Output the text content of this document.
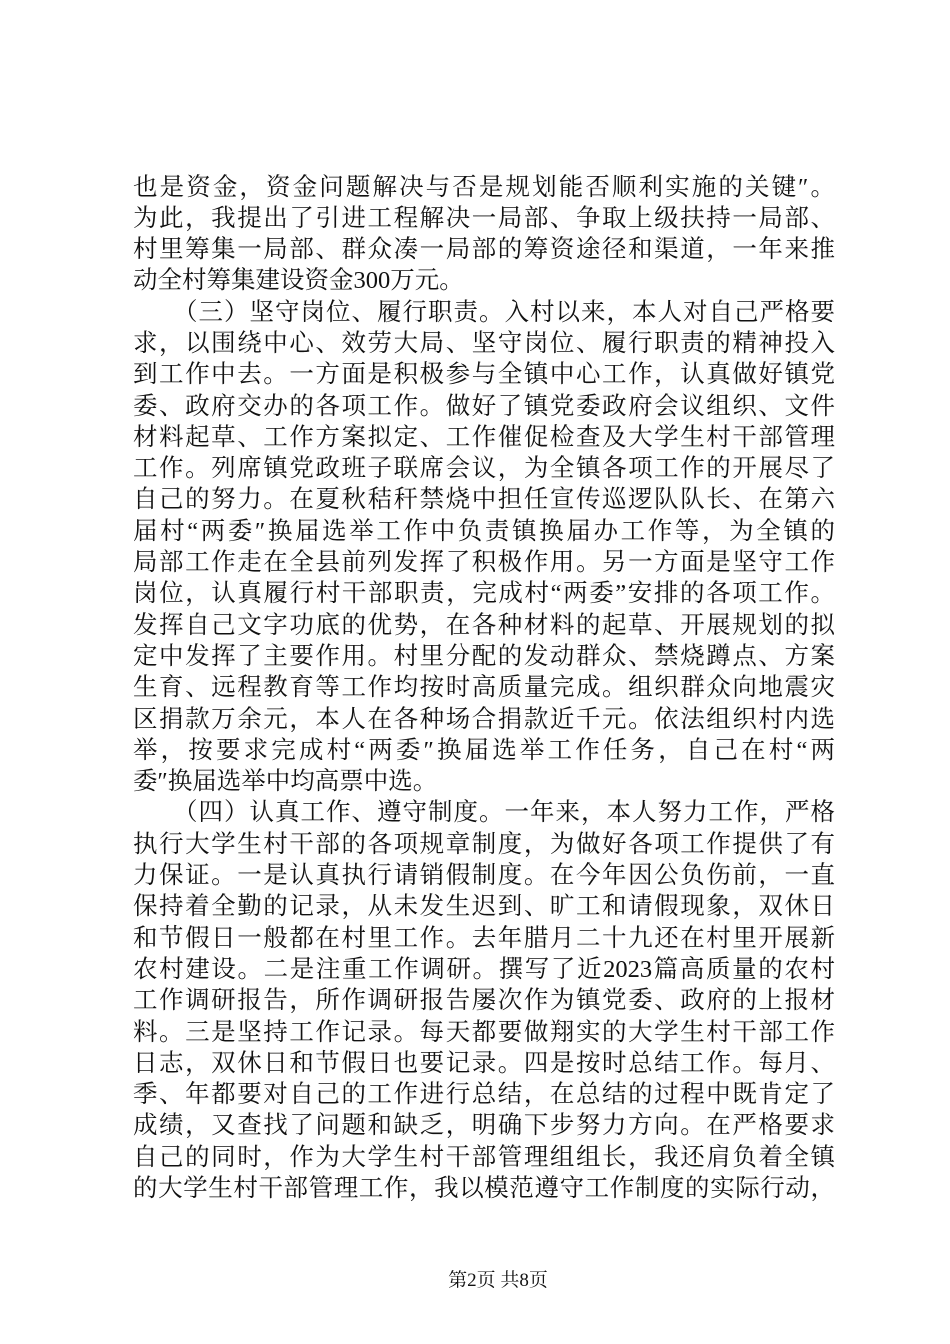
也是资金，资金问题解决与否是规划能否顺利实施的关键″。
为此，我提出了引进工程解决一局部、争取上级扶持一局部、
村里筹集一局部、群众凑一局部的筹资途径和渠道，一年来推
动全村筹集建设资金300万元。
（三）坚守岗位、履行职责。入村以来，本人对自己严格要
求，以围绕中心、效劳大局、坚守岗位、履行职责的精神投入
到工作中去。一方面是积极参与全镇中心工作，认真做好镇党
委、政府交办的各项工作。做好了镇党委政府会议组织、文件
材料起草、工作方案拟定、工作催促检查及大学生村干部管理
工作。列席镇党政班子联席会议，为全镇各项工作的开展尽了
自己的努力。在夏秋秸秆禁烧中担任宣传巡逻队队长、在第六
届村“两委″换届选举工作中负责镇换届办工作等，为全镇的
局部工作走在全县前列发挥了积极作用。另一方面是坚守工作
岗位，认真履行村干部职责，完成村“两委”安排的各项工作。
发挥自己文字功底的优势，在各种材料的起草、开展规划的拟
定中发挥了主要作用。村里分配的发动群众、禁烧蹲点、方案
生育、远程教育等工作均按时高质量完成。组织群众向地震灾
区捐款万余元，本人在各种场合捐款近千元。依法组织村内选
举，按要求完成村“两委″换届选举工作任务，自己在村“两
委″换届选举中均高票中选。
（四）认真工作、遵守制度。一年来，本人努力工作，严格
执行大学生村干部的各项规章制度，为做好各项工作提供了有
力保证。一是认真执行请销假制度。在今年因公负伤前，一直
保持着全勤的记录，从未发生迟到、旷工和请假现象，双休日
和节假日一般都在村里工作。去年腊月二十九还在村里开展新
农村建设。二是注重工作调研。撰写了近2023篇高质量的农村
工作调研报告，所作调研报告屡次作为镇党委、政府的上报材
料。三是坚持工作记录。每天都要做翔实的大学生村干部工作
日志，双休日和节假日也要记录。四是按时总结工作。每月、
季、年都要对自己的工作进行总结，在总结的过程中既肯定了
成绩，又查找了问题和缺乏，明确下步努力方向。在严格要求
自己的同时，作为大学生村干部管理组组长，我还肩负着全镇
的大学生村干部管理工作，我以模范遵守工作制度的实际行动，
第2页 共8页
